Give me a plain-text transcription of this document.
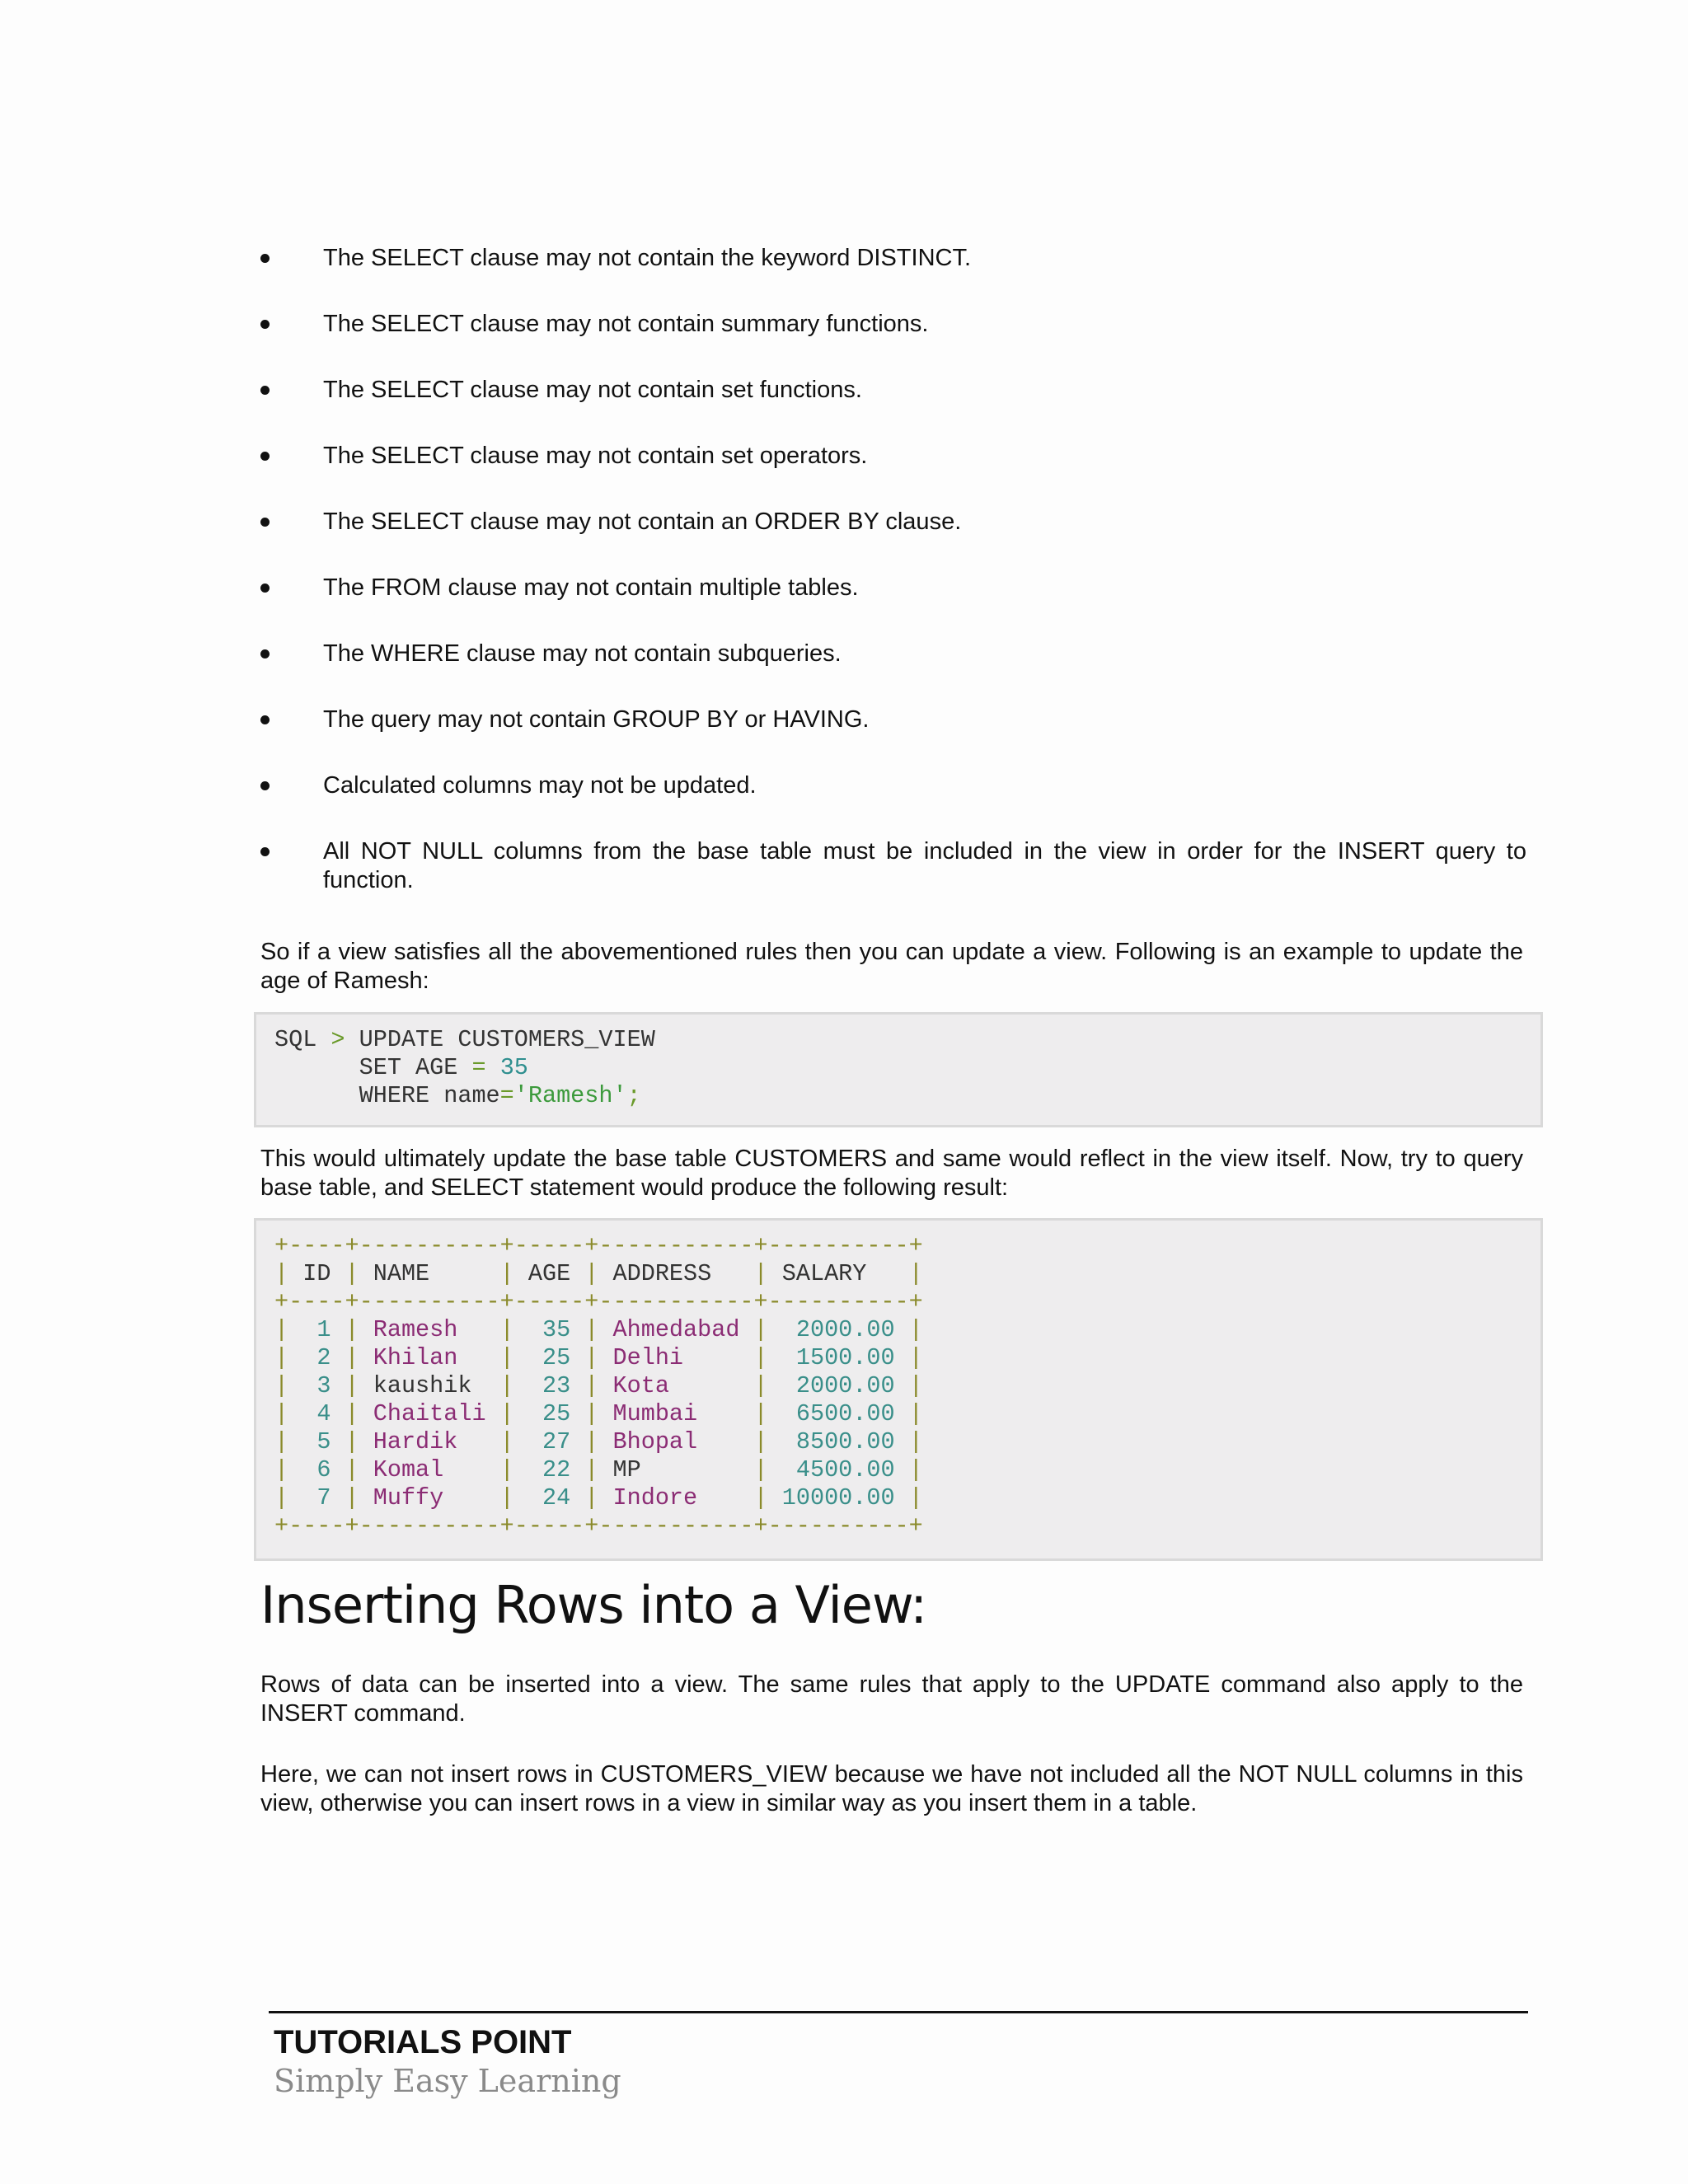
The SELECT clause may not contain the keyword DISTINCT.
The SELECT clause may not contain summary functions.
The SELECT clause may not contain set functions.
The SELECT clause may not contain set operators.
The SELECT clause may not contain an ORDER BY clause.
The FROM clause may not contain multiple tables.
The WHERE clause may not contain subqueries.
The query may not contain GROUP BY or HAVING.
Calculated columns may not be updated.
All NOT NULL columns from the base table must be included in the view in order for the INSERT query to function.

So if a view satisfies all the abovementioned rules then you can update a view. Following is an example to update the age of Ramesh:

SQL > UPDATE CUSTOMERS_VIEW
SET AGE = 35
WHERE name='Ramesh';

This would ultimately update the base table CUSTOMERS and same would reflect in the view itself. Now, try to query base table, and SELECT statement would produce the following result:

+----+----------+-----+-----------+----------+
| ID | NAME     | AGE | ADDRESS   | SALARY   |
+----+----------+-----+-----------+----------+
|  1 | Ramesh   |  35 | Ahmedabad |  2000.00 |
|  2 | Khilan   |  25 | Delhi     |  1500.00 |
|  3 | kaushik  |  23 | Kota      |  2000.00 |
|  4 | Chaitali |  25 | Mumbai    |  6500.00 |
|  5 | Hardik   |  27 | Bhopal    |  8500.00 |
|  6 | Komal    |  22 | MP        |  4500.00 |
|  7 | Muffy    |  24 | Indore    | 10000.00 |
+----+----------+-----+-----------+----------+
Inserting Rows into a View:

Rows of data can be inserted into a view. The same rules that apply to the UPDATE command also apply to the INSERT command.

Here, we can not insert rows in CUSTOMERS_VIEW because we have not included all the NOT NULL columns in this view, otherwise you can insert rows in a view in similar way as you insert them in a table.

TUTORIALS POINT
Simply Easy Learning
